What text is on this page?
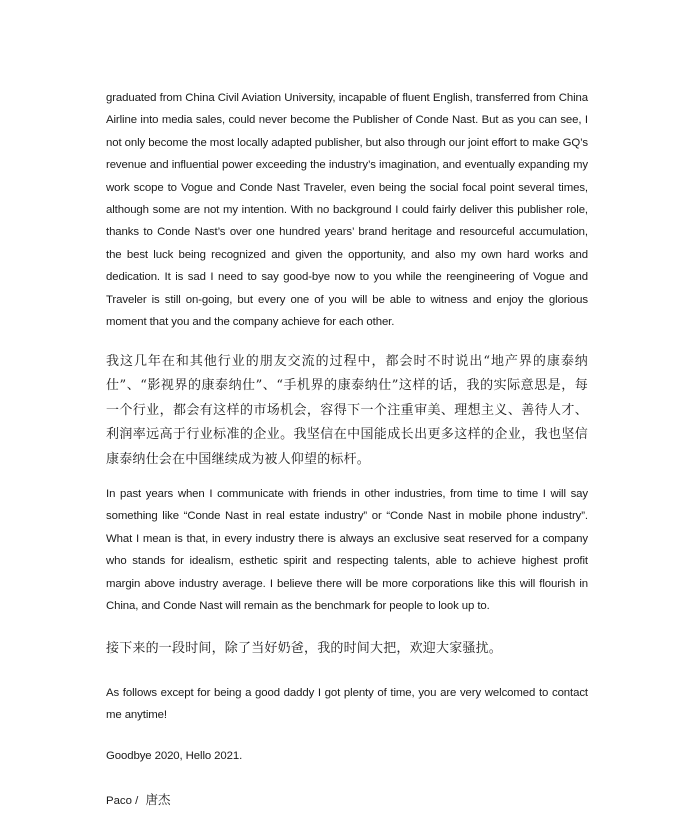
graduated from China Civil Aviation University, incapable of fluent English, transferred from China Airline into media sales, could never become the Publisher of Conde Nast. But as you can see, I not only become the most locally adapted publisher, but also through our joint effort to make GQ’s revenue and influential power exceeding the industry’s imagination, and eventually expanding my work scope to Vogue and Conde Nast Traveler, even being the social focal point several times, although some are not my intention. With no background I could fairly deliver this publisher role, thanks to Conde Nast’s over one hundred years’ brand heritage and resourceful accumulation, the best luck being recognized and given the opportunity, and also my own hard works and dedication. It is sad I need to say good-bye now to you while the reengineering of Vogue and Traveler is still on-going, but every one of you will be able to witness and enjoy the glorious moment that you and the company achieve for each other.

我这几年在和其他行业的朋友交流的过程中，都会时不时说出“地产界的康泰纳仕”、“影视界的康泰纳仕”、“手机界的康泰纳仕”这样的话，我的实际意思是，每一个行业，都会有这样的市场机会，容得下一个注重审美、理想主义、善待人才、利润率远高于行业标准的企业。我坚信在中国能成长出更多这样的企业，我也坚信康泰纳仕会在中国继续成为被人仰望的标杆。

In past years when I communicate with friends in other industries, from time to time I will say something like “Conde Nast in real estate industry” or “Conde Nast in mobile phone industry”. What I mean is that, in every industry there is always an exclusive seat reserved for a company who stands for idealism, esthetic spirit and respecting talents, able to achieve highest profit margin above industry average. I believe there will be more corporations like this will flourish in China, and Conde Nast will remain as the benchmark for people to look up to.

接下来的一段时间，除了当好奶爸，我的时间大把，欢迎大家骚扰。

As follows except for being a good daddy I got plenty of time, you are very welcomed to contact me anytime!

Goodbye 2020, Hello 2021.

Paco / 唐杰
